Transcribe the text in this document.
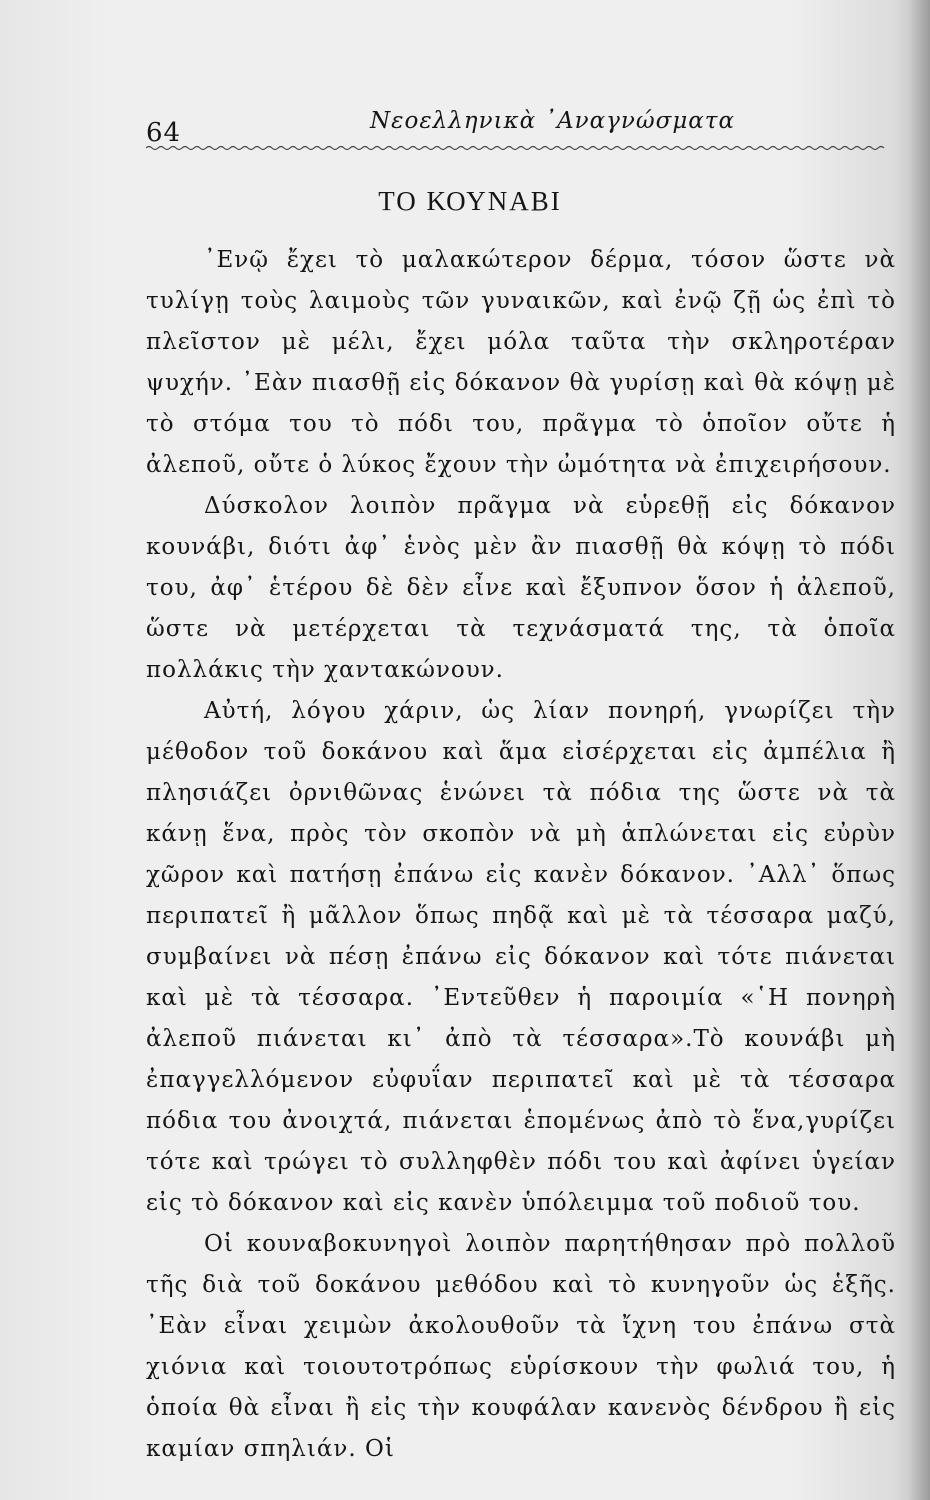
64	Νεοελληνικὰ ᾿Αναγνώσματα
ΤΟ ΚΟΥΝΑΒΙ

᾿Ενῷ ἔχει τὸ μαλακώτερον δέρμα, τόσον ὥστε νὰ τυλίγῃ τοὺς λαιμοὺς τῶν γυναικῶν, καὶ ἐνῷ ζῇ ὡς ἐπὶ τὸ πλεῖστον μὲ μέλι, ἔχει μόλα ταῦτα τὴν σκληροτέραν ψυχήν. ᾿Εὰν πιασθῇ εἰς δόκανον θὰ γυρίσῃ καὶ θὰ κόψῃ μὲ τὸ στόμα του τὸ πόδι του, πρᾶγμα τὸ ὁποῖον οὔτε ἡ ἀλεποῦ, οὔτε ὁ λύκος ἔχουν τὴν ὠμότητα νὰ ἐπιχειρήσουν.

Δύσκολον λοιπὸν πρᾶγμα νὰ εὑρεθῇ εἰς δόκανον κουνάβι, διότι ἀφ᾿ ἑνὸς μὲν ἂν πιασθῇ θὰ κόψῃ τὸ πόδι του, ἀφ᾿ ἑτέρου δὲ δὲν εἶνε καὶ ἔξυπνον ὅσον ἡ ἀλεποῦ, ὥστε νὰ μετέρχεται τὰ τεχνάσματά της, τὰ ὁποῖα πολλάκις τὴν χαντακώνουν.

Αὐτή, λόγου χάριν, ὡς λίαν πονηρή, γνωρίζει τὴν μέθοδον τοῦ δοκάνου καὶ ἅμα εἰσέρχεται εἰς ἀμπέλια ἢ πλησιάζει ὀρνιθῶνας ἑνώνει τὰ πόδια της ὥστε νὰ τὰ κάνῃ ἕνα, πρὸς τὸν σκοπὸν νὰ μὴ ἁπλώνεται εἰς εὐρὺν χῶρον καὶ πατήσῃ ἐπάνω εἰς κανὲν δόκανον. ᾿Αλλ᾿ ὅπως περιπατεῖ ἢ μᾶλλον ὅπως πηδᾷ καὶ μὲ τὰ τέσσαρα μαζύ, συμβαίνει νὰ πέσῃ ἐπάνω εἰς δόκανον καὶ τότε πιάνεται καὶ μὲ τὰ τέσσαρα. ᾿Εντεῦθεν ἡ παροιμία «῾Η πονηρὴ ἀλεποῦ πιάνεται κι᾿ ἀπὸ τὰ τέσσαρα».Τὸ κουνάβι μὴ ἐπαγγελλόμενον εὐφυΐαν περιπατεῖ καὶ μὲ τὰ τέσσαρα πόδια του ἀνοιχτά, πιάνεται ἑπομένως ἀπὸ τὸ ἕνα,γυρίζει τότε καὶ τρώγει τὸ συλληφθὲν πόδι του καὶ ἀφίνει ὑγείαν εἰς τὸ δόκανον καὶ εἰς κανὲν ὑπόλειμμα τοῦ ποδιοῦ του.

Οἱ κουναβοκυνηγοὶ λοιπὸν παρητήθησαν πρὸ πολλοῦ τῆς διὰ τοῦ δοκάνου μεθόδου καὶ τὸ κυνηγοῦν ὡς ἑξῆς. ᾿Εὰν εἶναι χειμὼν ἀκολουθοῦν τὰ ἴχνη του ἐπάνω στὰ χιόνια καὶ τοιουτοτρόπως εὑρίσκουν τὴν φωλιά του, ἡ ὁποία θὰ εἶναι ἢ εἰς τὴν κουφάλαν κανενὸς δένδρου ἢ εἰς καμίαν σπηλιάν. Οἱ
